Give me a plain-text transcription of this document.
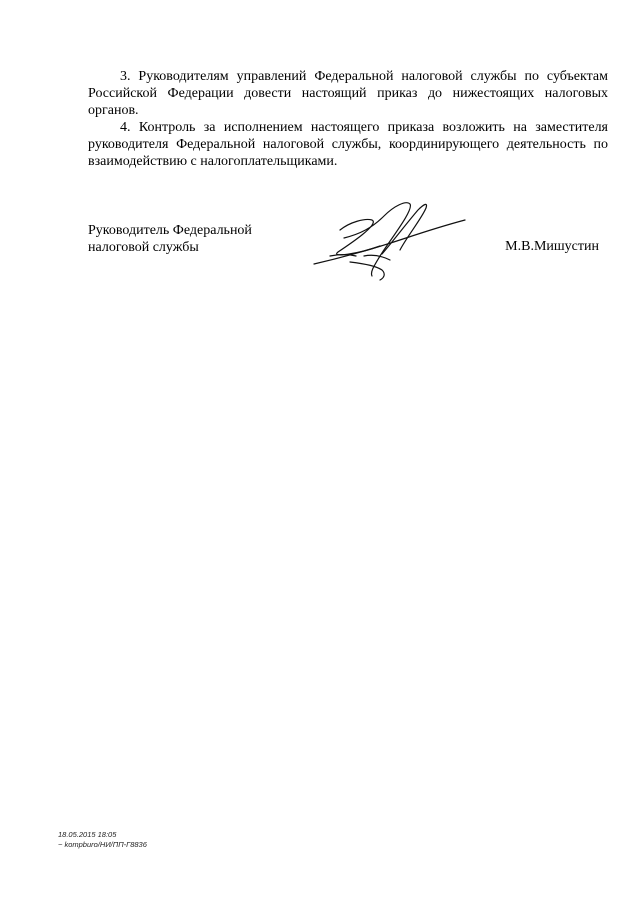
3. Руководителям управлений Федеральной налоговой службы по субъектам Российской Федерации довести настоящий приказ до нижестоящих налоговых органов.

4. Контроль за исполнением настоящего приказа возложить на заместителя руководителя Федеральной налоговой службы, координирующего деятельность по взаимодействию с налогоплательщиками.

Руководитель Федеральной
налоговой службы	М.В.Мишустин
18.05.2015 18:05
~ kompburo/HИ/ПП-Г8836
